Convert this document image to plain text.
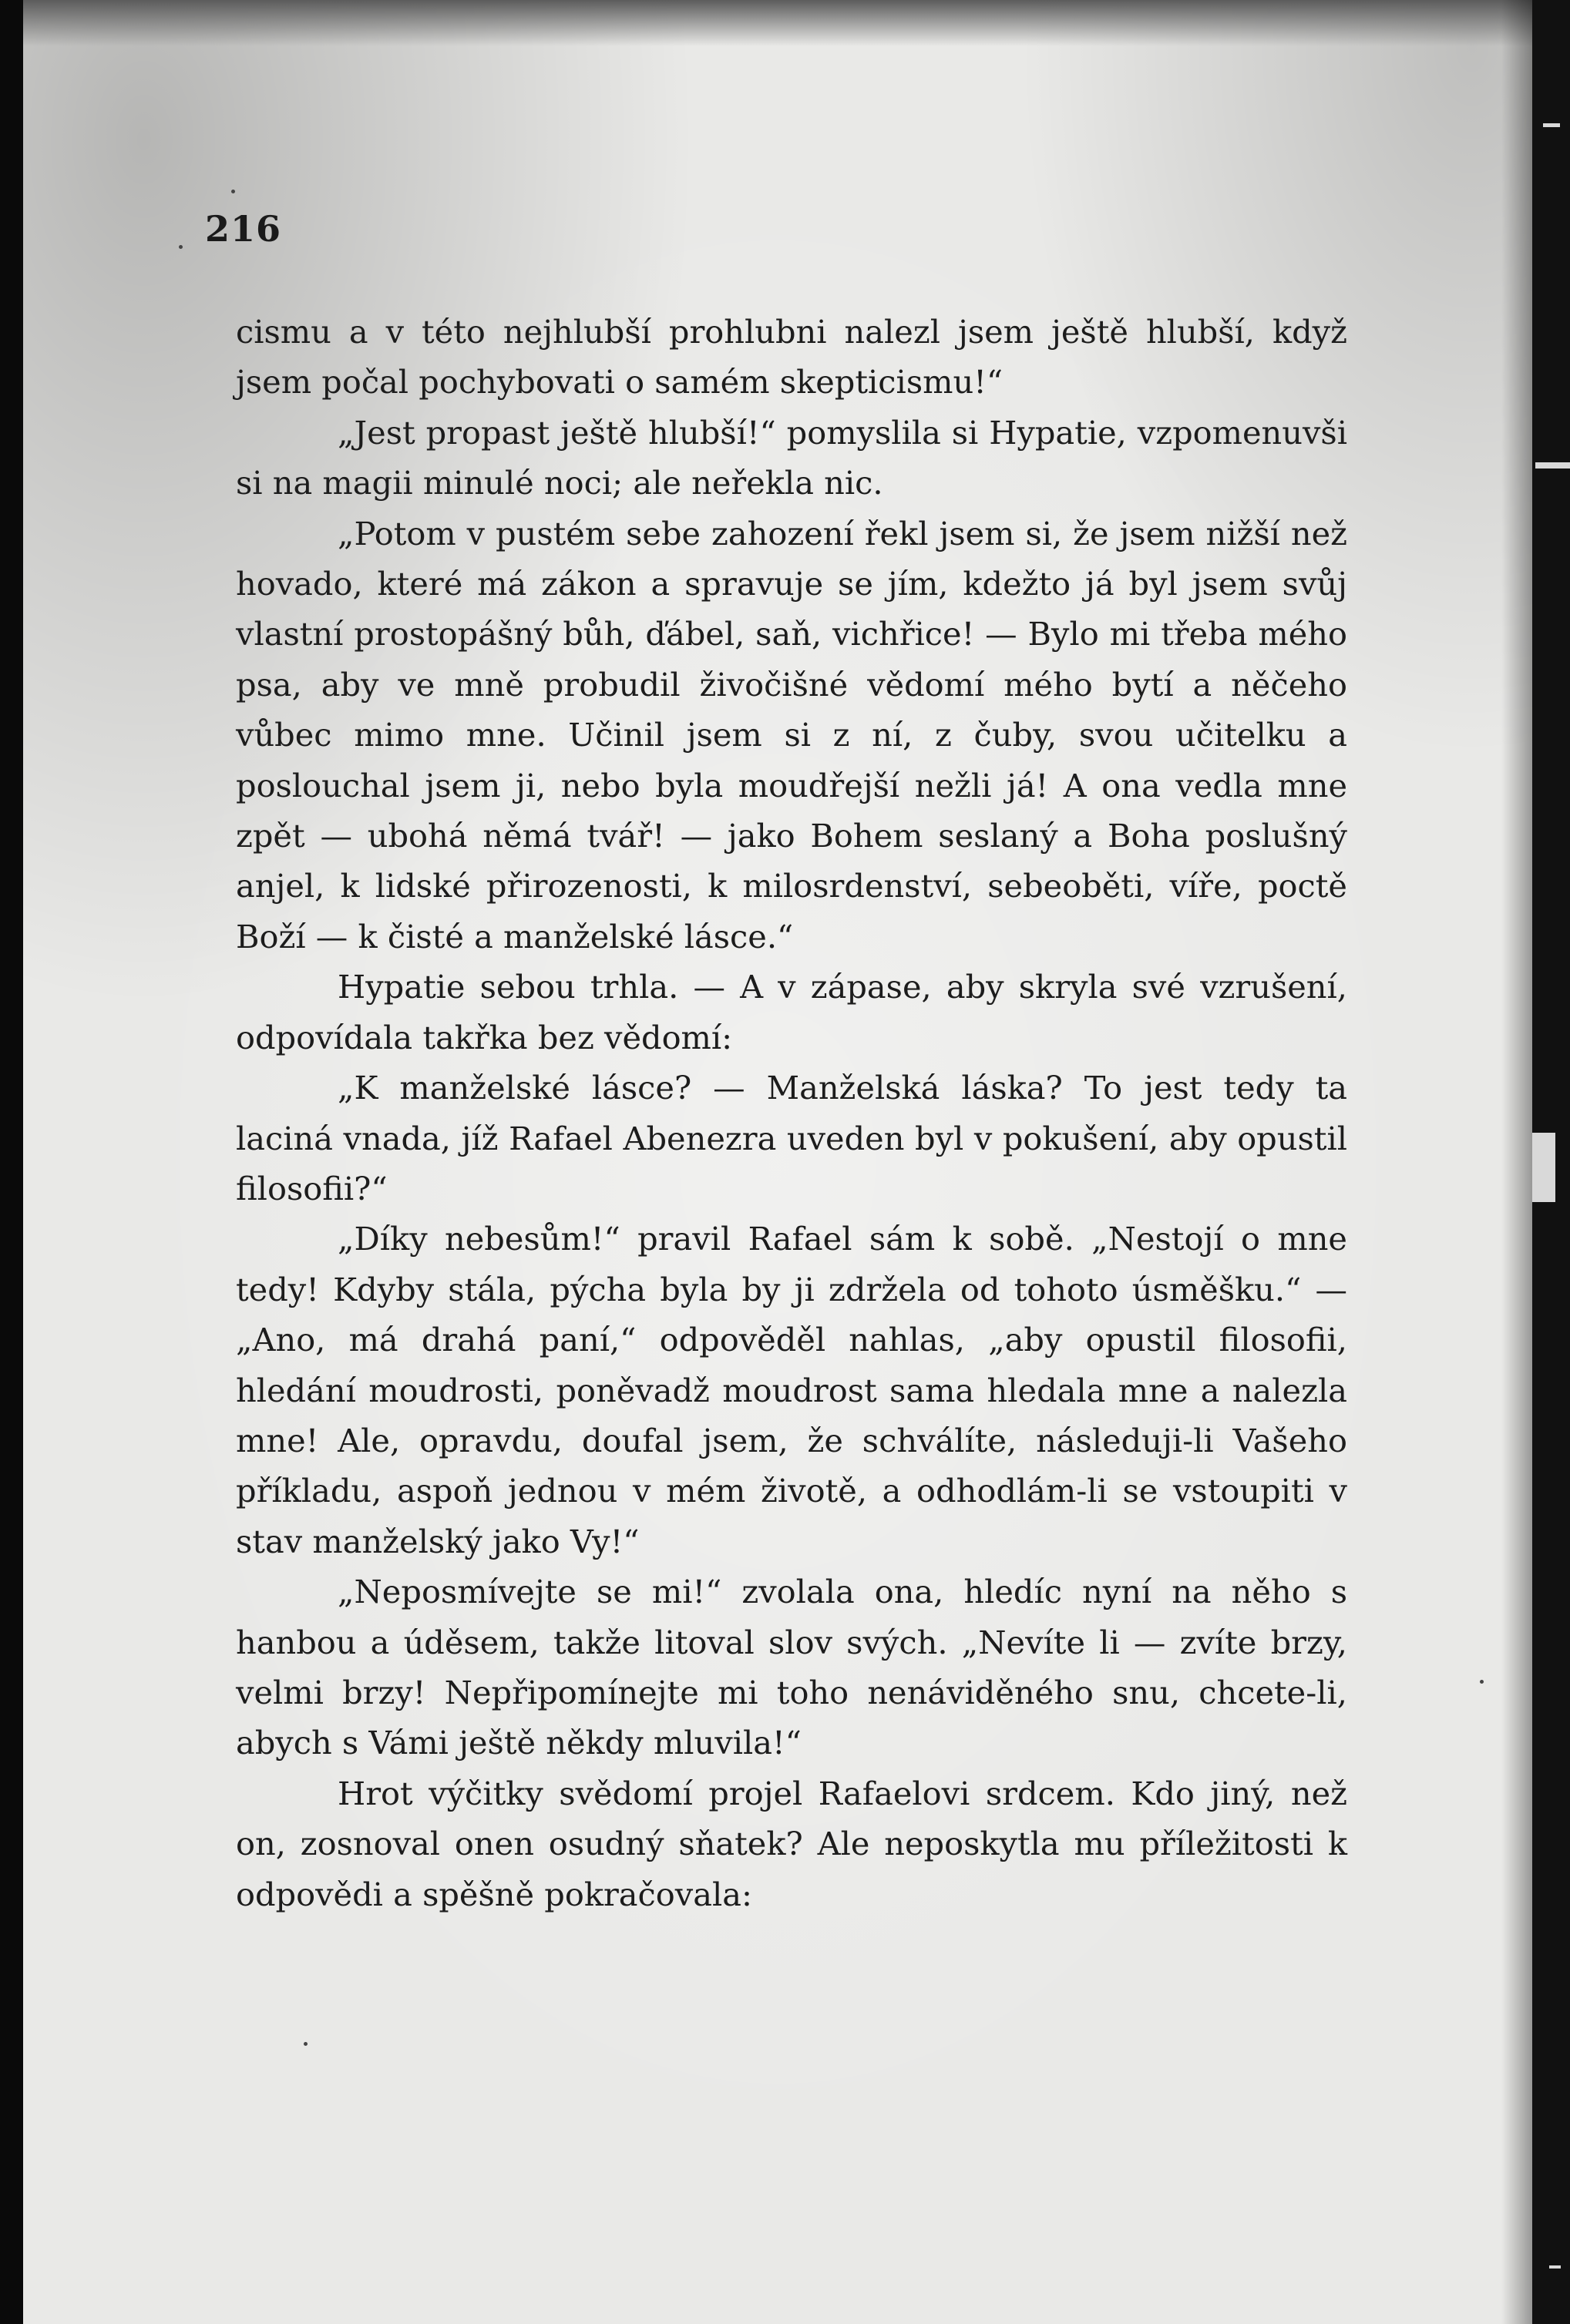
216

cismu a v této nejhlubší prohlubni nalezl jsem ještě hlubší, když jsem počal pochybovati o samém skepticismu!“

„Jest propast ještě hlubší!“ pomyslila si Hypatie, vzpomenuvši si na magii minulé noci; ale neřekla nic.

„Potom v pustém sebe zahození řekl jsem si, že jsem nižší než hovado, které má zákon a spravuje se jím, kdežto já byl jsem svůj vlastní prostopášný bůh, ďábel, saň, vichřice! — Bylo mi třeba mého psa, aby ve mně probudil živočišné vědomí mého bytí a něčeho vůbec mimo mne. Učinil jsem si z ní, z čuby, svou učitelku a poslouchal jsem ji, nebo byla moudřejší nežli já! A ona vedla mne zpět — ubohá němá tvář! — jako Bohem seslaný a Boha poslušný anjel, k lidské přirozenosti, k milosrdenství, sebeoběti, víře, poctě Boží — k čisté a manželské lásce.“

Hypatie sebou trhla. — A v zápase, aby skryla své vzrušení, odpovídala takřka bez vědomí:

„K manželské lásce? — Manželská láska? To jest tedy ta laciná vnada, jíž Rafael Abenezra uveden byl v pokušení, aby opustil filosofii?“

„Díky nebesům!“ pravil Rafael sám k sobě. „Nestojí o mne tedy! Kdyby stála, pýcha byla by ji zdržela od tohoto úsměšku.“ — „Ano, má drahá paní,“ odpověděl nahlas, „aby opustil filosofii, hledání moudrosti, poněvadž moudrost sama hledala mne a nalezla mne! Ale, opravdu, doufal jsem, že schválíte, následuji-li Vašeho příkladu, aspoň jednou v mém životě, a odhodlám-li se vstoupiti v stav manželský jako Vy!“

„Neposmívejte se mi!“ zvolala ona, hledíc nyní na něho s hanbou a úděsem, takže litoval slov svých. „Nevíte li — zvíte brzy, velmi brzy! Nepřipomínejte mi toho nenáviděného snu, chcete-li, abych s Vámi ještě někdy mluvila!“

Hrot výčitky svědomí projel Rafaelovi srdcem. Kdo jiný, než on, zosnoval onen osudný sňatek? Ale neposkytla mu příležitosti k odpovědi a spěšně pokračovala:
